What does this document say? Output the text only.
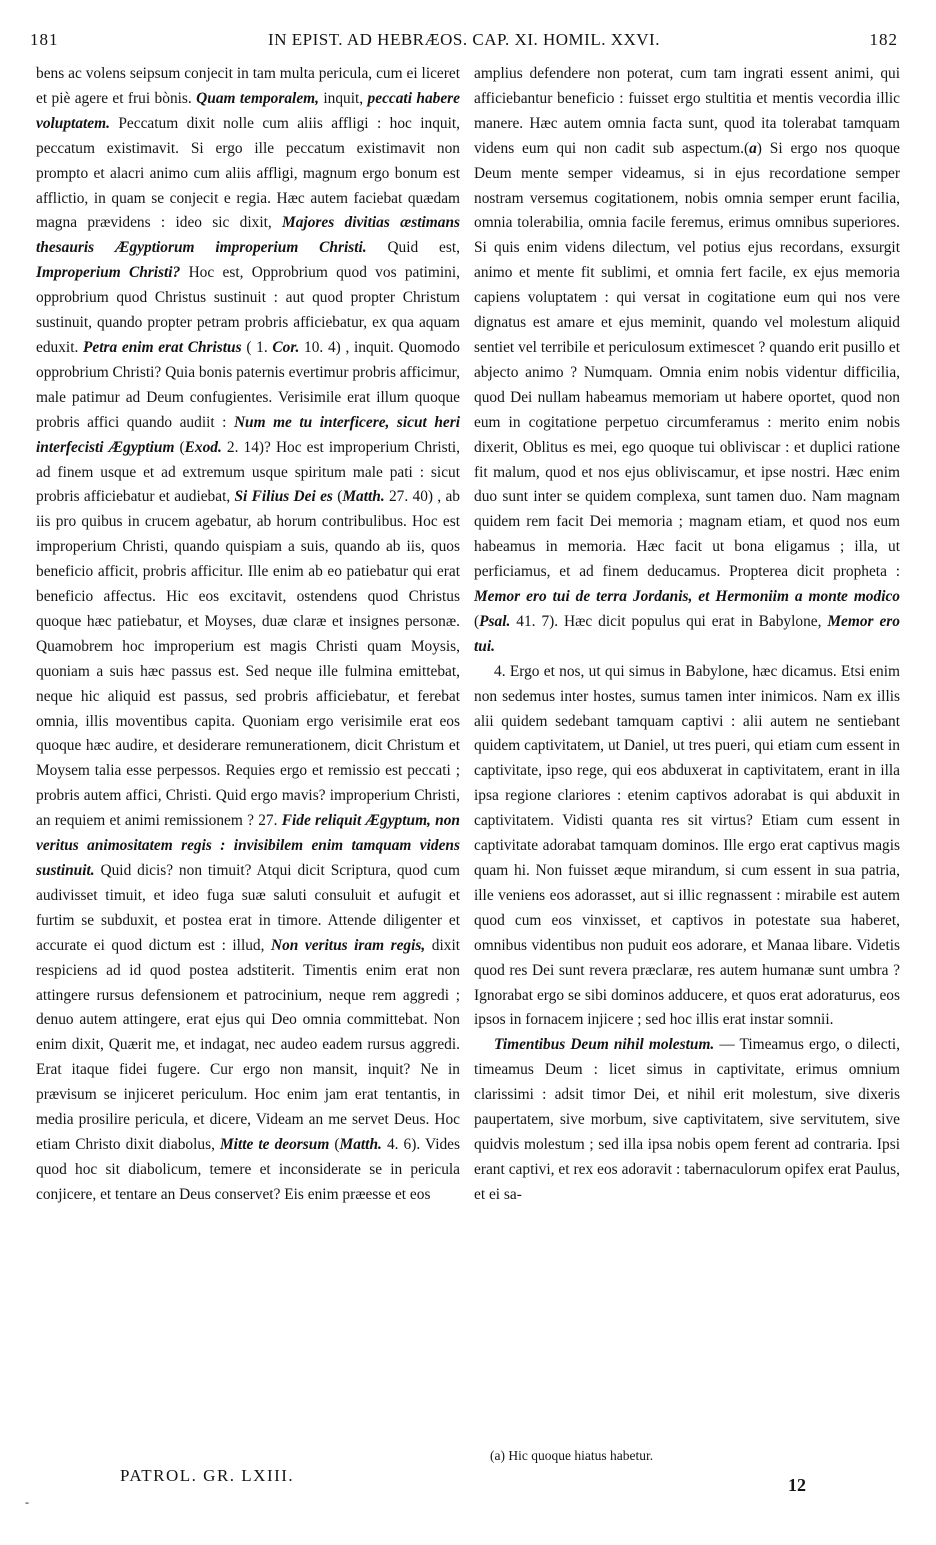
181	IN EPIST. AD HEBRÆOS. CAP. XI. HOMIL. XXVI.	182

bens ac volens seipsum conjecit in tam multa pericula, cum ei liceret et piè agere et frui bònis. Quam temporalem, inquit, peccati habere voluptatem. Peccatum dixit nolle cum aliis affligi : hoc inquit, peccatum existimavit. Si ergo ille peccatum existimavit non prompto et alacri animo cum aliis affligi, magnum ergo bonum est afflictio, in quam se conjecit e regia. Hæc autem faciebat quædam magna prævidens : ideo sic dixit, Majores divitias æstimans thesauris Ægyptiorum improperium Christi. Quid est, Improperium Christi? Hoc est, Opprobrium quod vos patimini, opprobrium quod Christus sustinuit : aut quod propter Christum sustinuit, quando propter petram probris afficiebatur, ex qua aquam eduxit. Petra enim erat Christus ( 1. Cor. 10. 4) , inquit. Quomodo opprobrium Christi? Quia bonis paternis evertimur probris afficimur, male patimur ad Deum confugientes. Verisimile erat illum quoque probris affici quando audiit : Num me tu interficere, sicut heri interfecisti Ægyptium (Exod. 2. 14)? Hoc est improperium Christi, ad finem usque et ad extremum usque spiritum male pati : sicut probris afficiebatur et audiebat, Si Filius Dei es (Matth. 27. 40) , ab iis pro quibus in crucem agebatur, ab horum contribulibus. Hoc est improperium Christi, quando quispiam a suis, quando ab iis, quos beneficio afficit, probris afficitur. Ille enim ab eo patiebatur qui erat beneficio affectus. Hic eos excitavit, ostendens quod Christus quoque hæc patiebatur, et Moyses, duæ claræ et insignes personæ. Quamobrem hoc improperium est magis Christi quam Moysis, quoniam a suis hæc passus est. Sed neque ille fulmina emittebat, neque hic aliquid est passus, sed probris afficiebatur, et ferebat omnia, illis moventibus capita. Quoniam ergo verisimile erat eos quoque hæc audire, et desiderare remunerationem, dicit Christum et Moysem talia esse perpessos. Requies ergo et remissio est peccati ; probris autem affici, Christi. Quid ergo mavis? improperium Christi, an requiem et animi remissionem ? 27. Fide reliquit Ægyptum, non veritus animositatem regis : invisibilem enim tamquam videns sustinuit. Quid dicis? non timuit? Atqui dicit Scriptura, quod cum audivisset timuit, et ideo fuga suæ saluti consuluit et aufugit et furtim se subduxit, et postea erat in timore. Attende diligenter et accurate ei quod dictum est : illud, Non veritus iram regis, dixit respiciens ad id quod postea adstiterit. Timentis enim erat non attingere rursus defensionem et patrocinium, neque rem aggredi ; denuo autem attingere, erat ejus qui Deo omnia committebat. Non enim dixit, Quærit me, et indagat, nec audeo eadem rursus aggredi. Erat itaque fidei fugere. Cur ergo non mansit, inquit? Ne in prævisum se injiceret periculum. Hoc enim jam erat tentantis, in media prosilire pericula, et dicere, Videam an me servet Deus. Hoc etiam Christo dixit diabolus, Mitte te deorsum (Matth. 4. 6). Vides quod hoc sit diabolicum, temere et inconsiderate se in pericula conjicere, et tentare an Deus conservet? Eis enim præesse et eos

amplius defendere non poterat, cum tam ingrati essent animi, qui afficiebantur beneficio : fuisset ergo stultitia et mentis vecordia illic manere. Hæc autem omnia facta sunt, quod ita tolerabat tamquam videns eum qui non cadit sub aspectum.(a) Si ergo nos quoque Deum mente semper videamus, si in ejus recordatione semper nostram versemus cogitationem, nobis omnia semper erunt facilia, omnia tolerabilia, omnia facile feremus, erimus omnibus superiores. Si quis enim videns dilectum, vel potius ejus recordans, exsurgit animo et mente fit sublimi, et omnia fert facile, ex ejus memoria capiens voluptatem : qui versat in cogitatione eum qui nos vere dignatus est amare et ejus meminit, quando vel molestum aliquid sentiet vel terribile et periculosum extimescet ? quando erit pusillo et abjecto animo ? Numquam. Omnia enim nobis videntur difficilia, quod Dei nullam habeamus memoriam ut habere oportet, quod non eum in cogitatione perpetuo circumferamus : merito enim nobis dixerit, Oblitus es mei, ego quoque tui obliviscar : et duplici ratione fit malum, quod et nos ejus obliviscamur, et ipse nostri. Hæc enim duo sunt inter se quidem complexa, sunt tamen duo. Nam magnam quidem rem facit Dei memoria ; magnam etiam, et quod nos eum habeamus in memoria. Hæc facit ut bona eligamus ; illa, ut perficiamus, et ad finem deducamus. Propterea dicit propheta : Memor ero tui de terra Jordanis, et Hermoniim a monte modico (Psal. 41. 7). Hæc dicit populus qui erat in Babylone, Memor ero tui.

4. Ergo et nos, ut qui simus in Babylone, hæc dicamus. Etsi enim non sedemus inter hostes, sumus tamen inter inimicos. Nam ex illis alii quidem sedebant tamquam captivi : alii autem ne sentiebant quidem captivitatem, ut Daniel, ut tres pueri, qui etiam cum essent in captivitate, ipso rege, qui eos abduxerat in captivitatem, erant in illa ipsa regione clariores : etenim captivos adorabat is qui abduxit in captivitatem. Vidisti quanta res sit virtus? Etiam cum essent in captivitate adorabat tamquam dominos. Ille ergo erat captivus magis quam hi. Non fuisset æque mirandum, si cum essent in sua patria, ille veniens eos adorasset, aut si illic regnassent : mirabile est autem quod cum eos vinxisset, et captivos in potestate sua haberet, omnibus videntibus non puduit eos adorare, et Manaa libare. Videtis quod res Dei sunt revera præclaræ, res autem humanæ sunt umbra ? Ignorabat ergo se sibi dominos adducere, et quos erat adoraturus, eos ipsos in fornacem injicere ; sed hoc illis erat instar somnii.

Timentibus Deum nihil molestum. — Timeamus ergo, o dilecti, timeamus Deum : licet simus in captivitate, erimus omnium clarissimi : adsit timor Dei, et nihil erit molestum, sive dixeris paupertatem, sive morbum, sive captivitatem, sive servitutem, sive quidvis molestum ; sed illa ipsa nobis opem ferent ad contraria. Ipsi erant captivi, et rex eos adoravit : tabernaculorum opifex erat Paulus, et ei sa-

(a) Hic quoque hiatus habetur.
PATROL. GR. LXIII.	12
-
